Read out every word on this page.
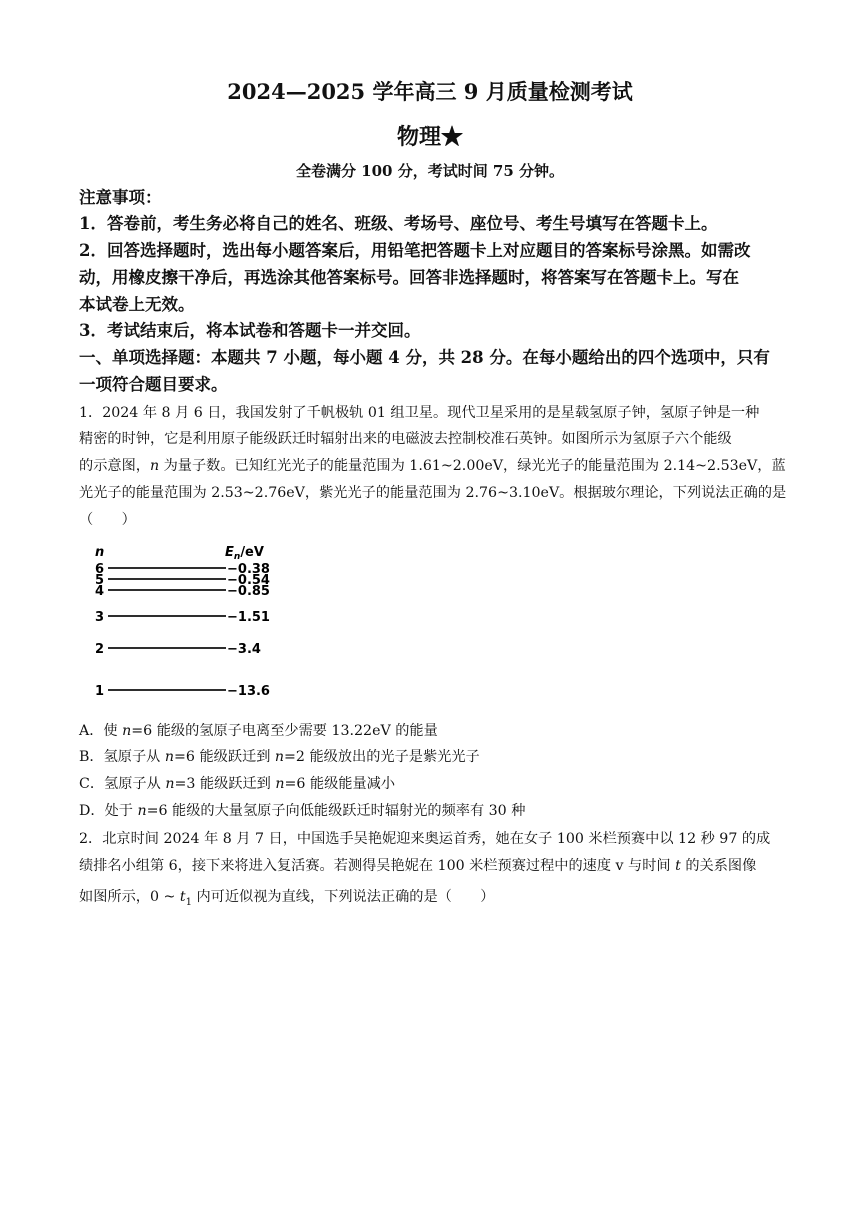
2024—2025 学年高三 9 月质量检测考试
物理★
全卷满分 100 分，考试时间 75 分钟。
注意事项：
1．答卷前，考生务必将自己的姓名、班级、考场号、座位号、考生号填写在答题卡上。
2．回答选择题时，选出每小题答案后，用铅笔把答题卡上对应题目的答案标号涂黑。如需改
动，用橡皮擦干净后，再选涂其他答案标号。回答非选择题时，将答案写在答题卡上。写在
本试卷上无效。
3．考试结束后，将本试卷和答题卡一并交回。
一、单项选择题：本题共 7 小题，每小题 4 分，共 28 分。在每小题给出的四个选项中，只有
一项符合题目要求。
1．2024 年 8 月 6 日，我国发射了千帆极轨 01 组卫星。现代卫星采用的是星载氢原子钟，氢原子钟是一种
精密的时钟，它是利用原子能级跃迁时辐射出来的电磁波去控制校准石英钟。如图所示为氢原子六个能级
的示意图，n 为量子数。已知红光光子的能量范围为 1.61~2.00eV，绿光光子的能量范围为 2.14~2.53eV，蓝
光光子的能量范围为 2.53~2.76eV，紫光光子的能量范围为 2.76~3.10eV。根据玻尔理论，下列说法正确的是
（　　）
n	$E_n/eV$
6	−0.38
5	−0.54
4	−0.85
3	−1.51
2	−3.4
1	−13.6
A．使 n=6 能级的氢原子电离至少需要 13.22eV 的能量
B．氢原子从 n=6 能级跃迁到 n=2 能级放出的光子是紫光光子
C．氢原子从 n=3 能级跃迁到 n=6 能级能量减小
D．处于 n=6 能级的大量氢原子向低能级跃迁时辐射光的频率有 30 种
2．北京时间 2024 年 8 月 7 日，中国选手吴艳妮迎来奥运首秀，她在女子 100 米栏预赛中以 12 秒 97 的成
绩排名小组第 6，接下来将进入复活赛。若测得吴艳妮在 100 米栏预赛过程中的速度 v 与时间 t 的关系图像
如图所示，0 ~ $t_1$ 内可近似视为直线，下列说法正确的是（　　）
